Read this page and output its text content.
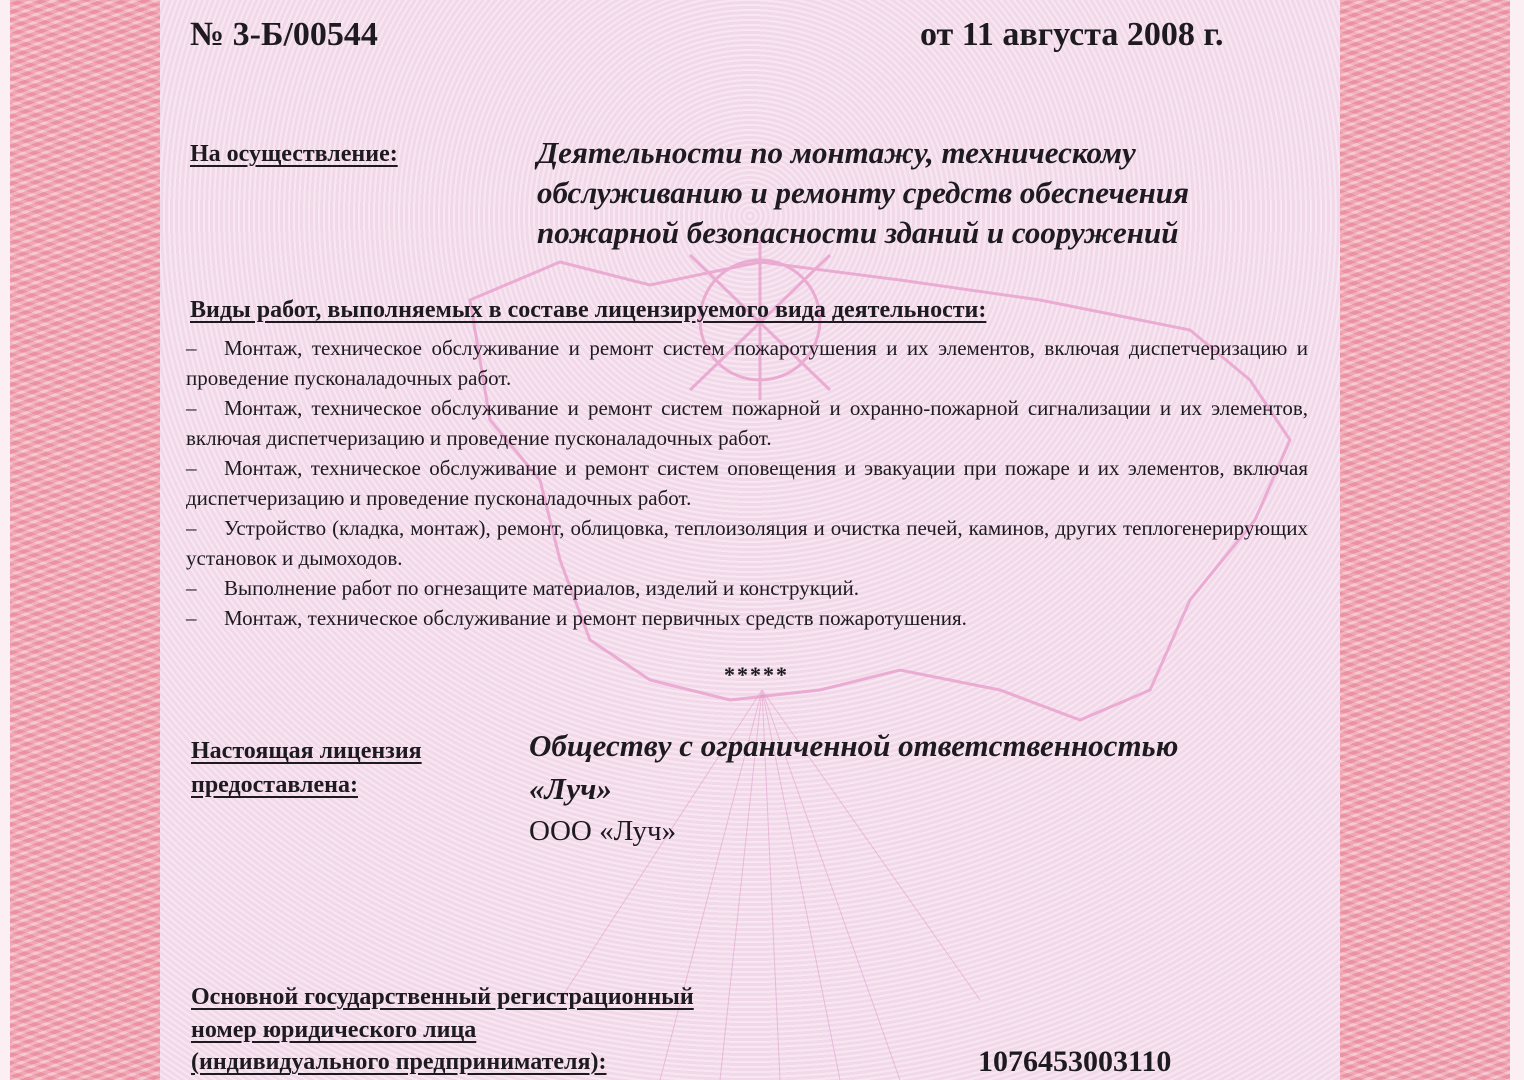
№ 3-Б/00544	от 11 августа 2008 г.
На осуществление:	Деятельности по монтажу, техническому
обслуживанию и ремонту средств обеспечения
пожарной безопасности зданий и сооружений
Виды работ, выполняемых в составе лицензируемого вида деятельности:
– Монтаж, техническое обслуживание и ремонт систем пожаротушения и их элементов, включая диспетчеризацию и проведение пусконаладочных работ.
– Монтаж, техническое обслуживание и ремонт систем пожарной и охранно-пожарной сигнализации и их элементов, включая диспетчеризацию и проведение пусконаладочных работ.
– Монтаж, техническое обслуживание и ремонт систем оповещения и эвакуации при пожаре и их элементов, включая диспетчеризацию и проведение пусконаладочных работ.
– Устройство (кладка, монтаж), ремонт, облицовка, теплоизоляция и очистка печей, каминов, других теплогенерирующих установок и дымоходов.
– Выполнение работ по огнезащите материалов, изделий и конструкций.
– Монтаж, техническое обслуживание и ремонт первичных средств пожаротушения.
*****
Настоящая лицензия
предоставлена:
Обществу с ограниченной ответственностью
«Луч»
ООО «Луч»
Основной государственный регистрационный
номер юридического лица
(индивидуального предпринимателя):	1076453003110
